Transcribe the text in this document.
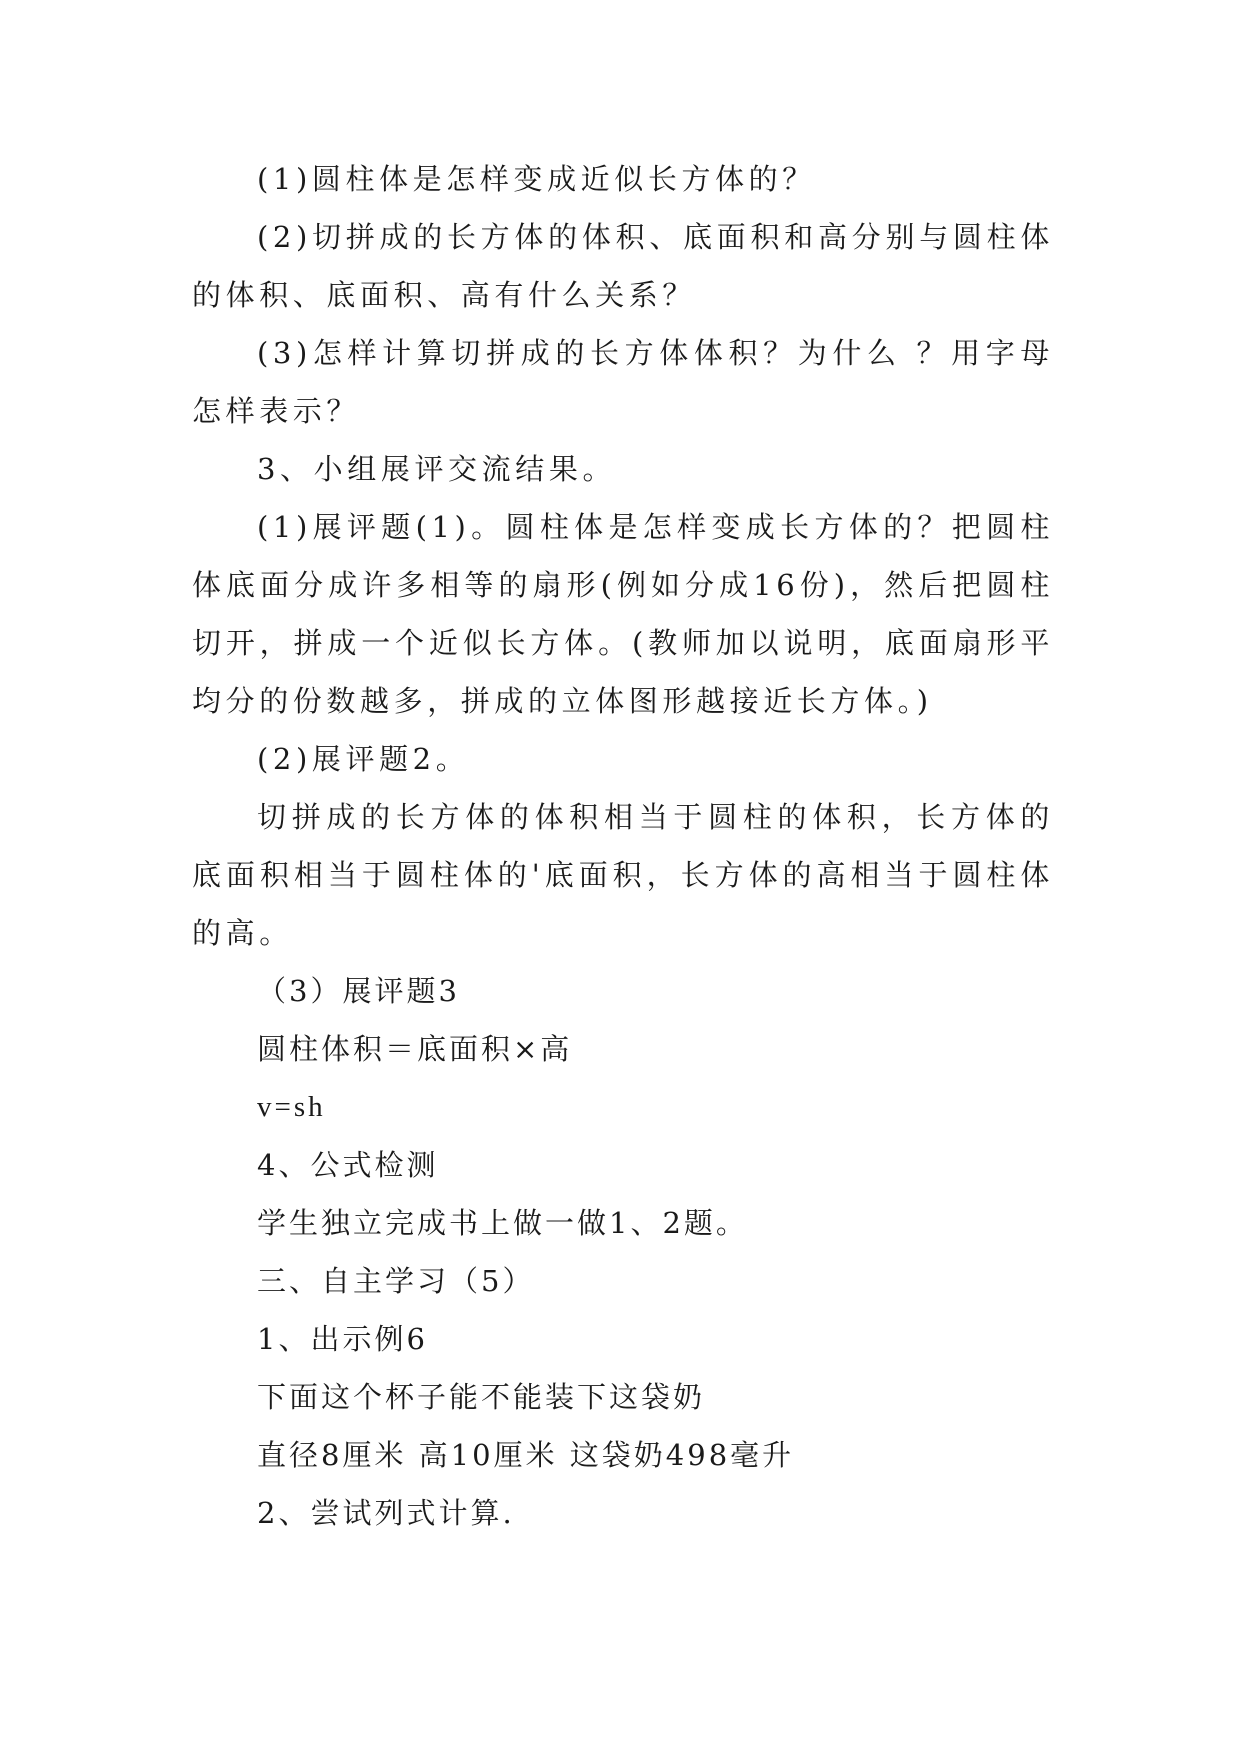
(1)圆柱体是怎样变成近似长方体的？

(2)切拼成的长方体的体积、底面积和高分别与圆柱体的体积、底面积、高有什么关系？

(3)怎样计算切拼成的长方体体积？为什么 ？用字母怎样表示？

3、小组展评交流结果。

(1)展评题(1)。圆柱体是怎样变成长方体的？把圆柱体底面分成许多相等的扇形(例如分成16份)，然后把圆柱切开，拼成一个近似长方体。(教师加以说明，底面扇形平均分的份数越多，拼成的立体图形越接近长方体。)

(2)展评题2。

切拼成的长方体的体积相当于圆柱的体积，长方体的底面积相当于圆柱体的'底面积，长方体的高相当于圆柱体的高。

（3）展评题3

圆柱体积＝底面积×高

v=sh

4、公式检测

学生独立完成书上做一做1、2题。

三、自主学习（5）

1、出示例6

下面这个杯子能不能装下这袋奶

直径8厘米 高10厘米 这袋奶498毫升

2、尝试列式计算.
